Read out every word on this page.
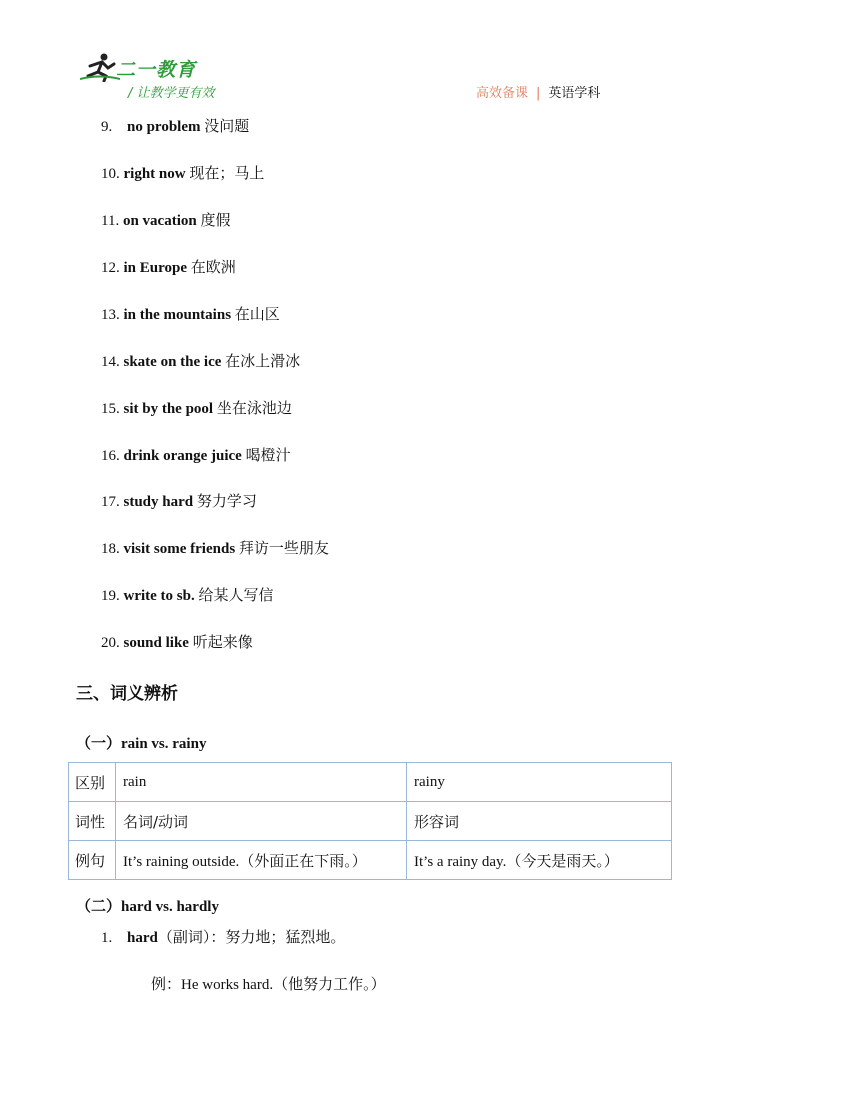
二一教育
/ 让教学更有效	高效备课 | 英语学科
9. no problem 没问题
10. right now 现在；马上
11. on vacation 度假
12. in Europe 在欧洲
13. in the mountains 在山区
14. skate on the ice 在冰上滑冰
15. sit by the pool 坐在泳池边
16. drink orange juice 喝橙汁
17. study hard 努力学习
18. visit some friends 拜访一些朋友
19. write to sb. 给某人写信
20. sound like 听起来像
三、词义辨析
（一）rain vs. rainy
区别	rain	rainy
词性	名词/动词	形容词
例句	It’s raining outside.（外面正在下雨。）	It’s a rainy day.（今天是雨天。）
（二）hard vs. hardly
1. hard（副词）：努力地；猛烈地。
例：He works hard.（他努力工作。）
